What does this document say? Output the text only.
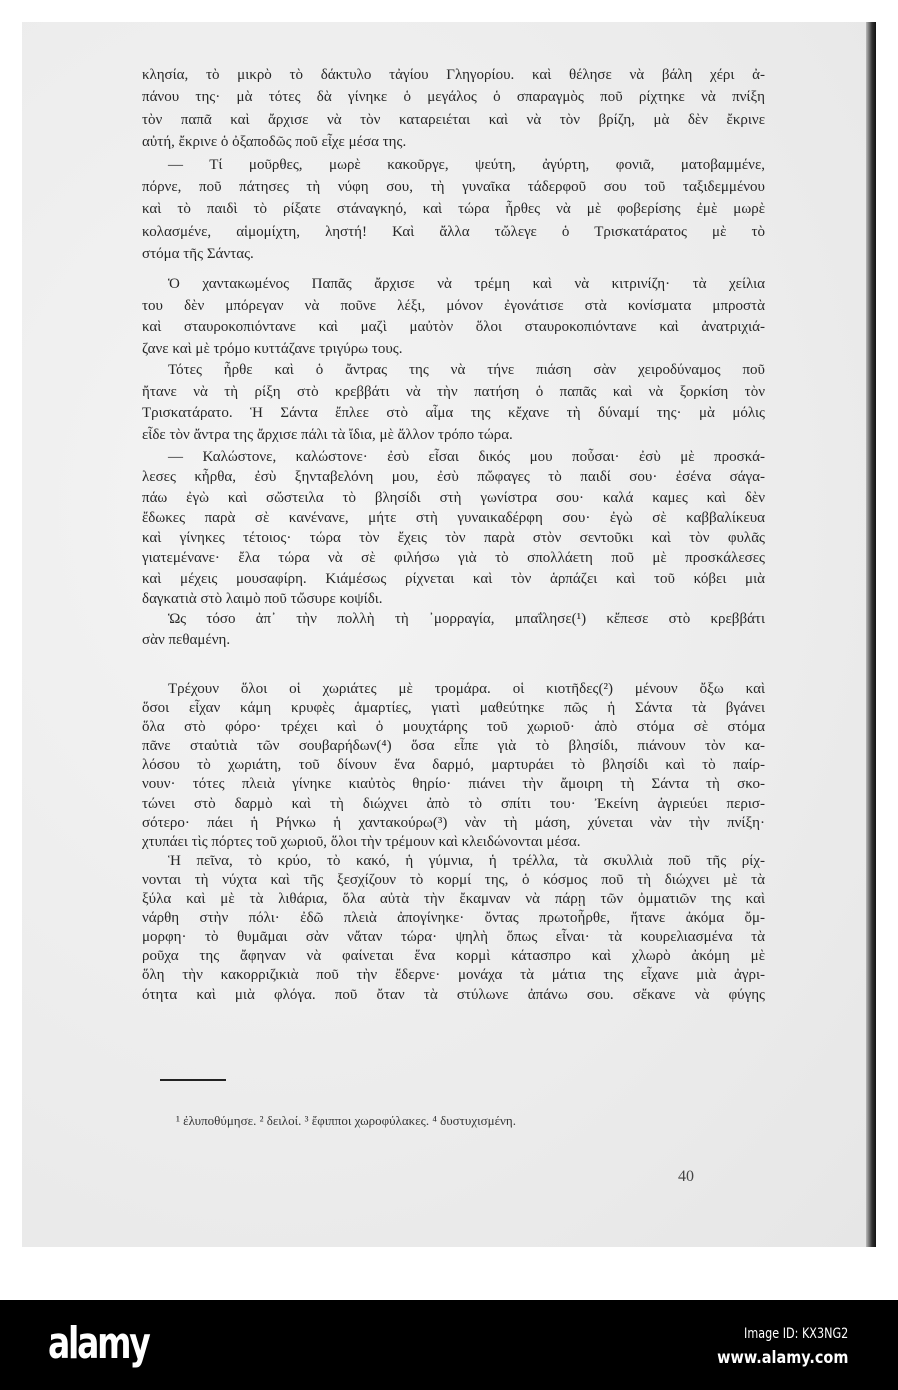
κλησία, τὸ μικρὸ τὸ δάκτυλο τἀγίου Γληγορίου. καὶ θέλησε νὰ βάλη χέρι ἀ-
πάνου της· μὰ τότες δὰ γίνηκε ὁ μεγάλος ὁ σπαραγμὸς ποῦ ρίχτηκε νὰ πνίξη
τὸν παπᾶ καὶ ἄρχισε νὰ τὸν καταρειέται καὶ νὰ τὸν βρίζη, μὰ δὲν ἔκρινε
αὐτή, ἔκρινε ὁ ὀξαποδῶς ποῦ εἶχε μέσα της.
— Τί μοῦρθες, μωρὲ κακοῦργε, ψεύτη, ἀγύρτη, φονιᾶ, ματοβαμμένε,
πόρνε, ποῦ πάτησες τὴ νύφη σου, τὴ γυναῖκα τάδερφοῦ σου τοῦ ταξιδεμμένου
καὶ τὸ παιδὶ τὸ ρίξατε στάναγκηό, καὶ τώρα ἦρθες νὰ μὲ φοβερίσης ἐμὲ μωρὲ
κολασμένε, αἱμομίχτη, ληστή! Καὶ ἄλλα τὤλεγε ὁ Τρισκατάρατος μὲ τὸ
στόμα τῆς Σάντας.
Ὁ χαντακωμένος Παπᾶς ἄρχισε νὰ τρέμη καὶ νὰ κιτρινίζη· τὰ χείλια
του δὲν μπόρεγαν νὰ ποῦνε λέξι, μόνον ἐγονάτισε στὰ κονίσματα μπροστὰ
καὶ σταυροκοπιόντανε καὶ μαζὶ μαὐτὸν ὅλοι σταυροκοπιόντανε καὶ ἀνατριχιά-
ζανε καὶ μὲ τρόμο κυττάζανε τριγύρω τους.
Τότες ἦρθε καὶ ὁ ἄντρας της νὰ τήνε πιάση σὰν χειροδύναμος ποῦ
ἤτανε νὰ τὴ ρίξη στὸ κρεββάτι νὰ τὴν πατήση ὁ παπᾶς καὶ νὰ ξορκίση τὸν
Τρισκατάρατο. Ἡ Σάντα ἔπλεε στὸ αἷμα της κἔχανε τὴ δύναμί της· μὰ μόλις
εἶδε τὸν ἄντρα της ἄρχισε πάλι τὰ ἴδια, μὲ ἄλλον τρόπο τώρα.
— Καλώστονε, καλώστονε· ἐσὺ εἶσαι δικός μου ποὖσαι· ἐσὺ μὲ προσκά-
λεσες κἦρθα, ἐσὺ ξηνταβελόνη μου, ἐσὺ πὤφαγες τὸ παιδί σου· ἐσένα σάγα-
πάω ἐγὼ καὶ σὤστειλα τὸ βλησίδι στὴ γωνίστρα σου· καλά καμες καὶ δὲν
ἔδωκες παρὰ σὲ κανένανε, μήτε στὴ γυναικαδέρφη σου· ἐγὼ σὲ καββαλίκευα
καὶ γίνηκες τέτοιος· τώρα τὸν ἔχεις τὸν παρὰ στὸν σεντοῦκι καὶ τὸν φυλᾶς
γιατεμένανε· ἔλα τώρα νὰ σὲ φιλήσω γιὰ τὸ σπολλάετη ποῦ μὲ προσκάλεσες
καὶ μέχεις μουσαφίρη. Κιάμέσως ρίχνεται καὶ τὸν ἁρπάζει καὶ τοῦ κόβει μιὰ
δαγκατιὰ στὸ λαιμὸ ποῦ τὤσυρε κοψίδι.
Ὡς τόσο ἀπ᾽ τὴν πολλὴ τὴ ᾽μορραγία, μπαΐλησε(¹) κἔπεσε στὸ κρεββάτι
σὰν πεθαμένη.
Τρέχουν ὅλοι οἱ χωριάτες μὲ τρομάρα. οἱ κιοτῆδες(²) μένουν ὄξω καὶ
ὅσοι εἶχαν κάμη κρυφὲς ἁμαρτίες, γιατὶ μαθεύτηκε πῶς ἡ Σάντα τὰ βγάνει
ὅλα στὸ φόρο· τρέχει καὶ ὁ μουχτάρης τοῦ χωριοῦ· ἀπὸ στόμα σὲ στόμα
πᾶνε σταὐτιὰ τῶν σουβαρήδων(⁴) ὅσα εἶπε γιὰ τὸ βλησίδι, πιάνουν τὸν κα-
λόσου τὸ χωριάτη, τοῦ δίνουν ἕνα δαρμό, μαρτυράει τὸ βλησίδι καὶ τὸ παίρ-
νουν· τότες πλειὰ γίνηκε κιαὐτὸς θηρίο· πιάνει τὴν ἄμοιρη τὴ Σάντα τὴ σκο-
τώνει στὸ δαρμὸ καὶ τὴ διώχνει ἀπὸ τὸ σπίτι του· Ἐκείνη ἀγριεύει περισ-
σότερο· πάει ἡ Ρήνκω ἡ χαντακούρω(³) νὰν τὴ μάση, χύνεται νὰν τὴν πνίξη·
χτυπάει τὶς πόρτες τοῦ χωριοῦ, ὅλοι τὴν τρέμουν καὶ κλειδώνονται μέσα.
Ἡ πεῖνα, τὸ κρύο, τὸ κακό, ἡ γύμνια, ἡ τρέλλα, τὰ σκυλλιὰ ποῦ τῆς ρίχ-
νονται τὴ νύχτα καὶ τῆς ξεσχίζουν τὸ κορμί της, ὁ κόσμος ποῦ τὴ διώχνει μὲ τὰ
ξύλα καὶ μὲ τὰ λιθάρια, ὅλα αὐτὰ τὴν ἔκαμναν νὰ πάρῃ τῶν ὀμματιῶν της καὶ
νάρθη στὴν πόλι· ἐδῶ πλειὰ ἀπογίνηκε· ὄντας πρωτοἦρθε, ἤτανε ἀκόμα ὄμ-
μορφη· τὸ θυμᾶμαι σὰν νἄταν τώρα· ψηλὴ ὅπως εἶναι· τὰ κουρελιασμένα τὰ
ροῦχα της ἄφηναν νὰ φαίνεται ἕνα κορμὶ κάτασπρο καὶ χλωρὸ ἀκόμη μὲ
ὅλη τὴν κακορριζικιὰ ποῦ τὴν ἔδερνε· μονάχα τὰ μάτια της εἶχανε μιὰ ἀγρι-
ότητα καὶ μιὰ φλόγα. ποῦ ὄταν τὰ στύλωνε ἀπάνω σου. σἔκανε νὰ φύγης
¹ ἐλυποθύμησε. ² δειλοί. ³ ἔφιπποι χωροφύλακες. ⁴ δυστυχισμένη.
40
alamy	Image ID: KX3NG2
www.alamy.com
